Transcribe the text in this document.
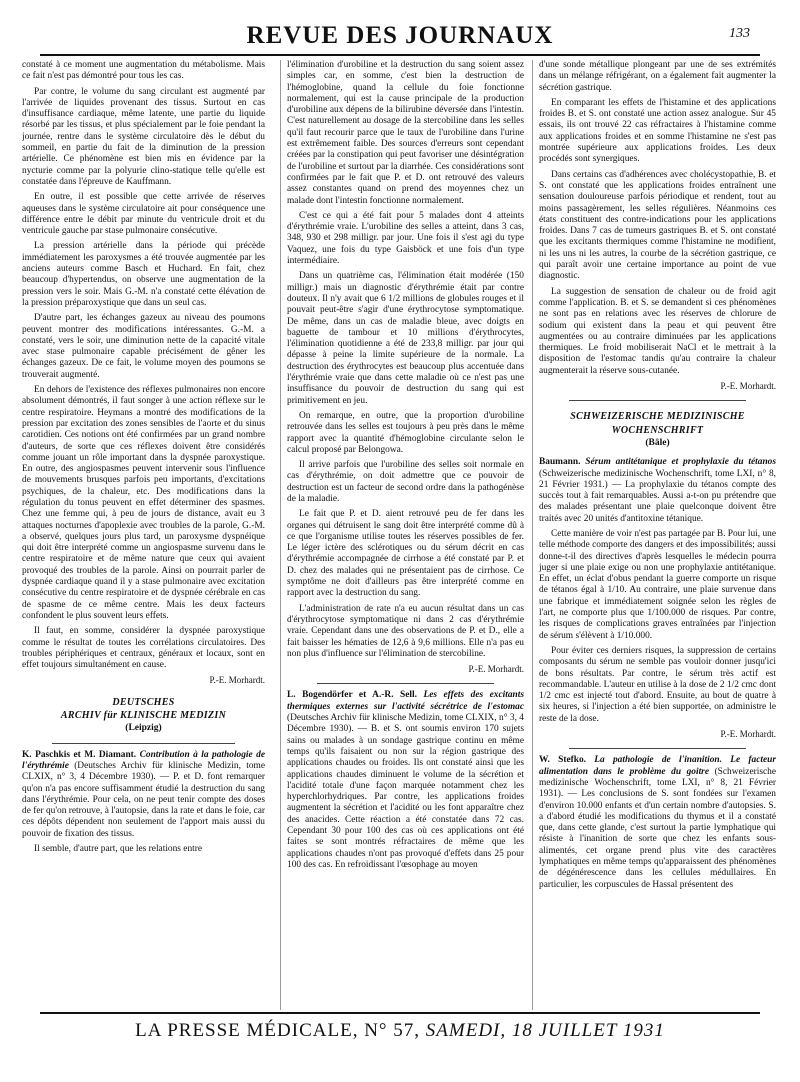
REVUE DES JOURNAUX	133

constaté à ce moment une augmentation du métabolisme. Mais ce fait n'est pas démontré pour tous les cas.

Par contre, le volume du sang circulant est augmenté par l'arrivée de liquides provenant des tissus. Surtout en cas d'insuffisance cardiaque, même latente, une partie du liquide résorbé par les tissus, et plus spécialement par le foie pendant la journée, rentre dans le système circulatoire dès le début du sommeil, en partie du fait de la diminution de la pression artérielle. Ce phénomène est bien mis en évidence par la nycturie comme par la polyurie clino-statique telle qu'elle est constatée dans l'épreuve de Kauffmann.

En outre, il est possible que cette arrivée de réserves aqueuses dans le système circulatoire ait pour conséquence une différence entre le débit par minute du ventricule droit et du ventricule gauche par stase pulmonaire consécutive.

La pression artérielle dans la période qui précède immédiatement les paroxysmes a été trouvée augmentée par les anciens auteurs comme Basch et Huchard. En fait, chez beaucoup d'hypertendus, on observe une augmentation de la pression vers le soir. Mais G.-M. n'a constaté cette élévation de la pression préparoxystique que dans un seul cas.

D'autre part, les échanges gazeux au niveau des poumons peuvent montrer des modifications intéressantes. G.-M. a constaté, vers le soir, une diminution nette de la capacité vitale avec stase pulmonaire capable précisément de gêner les échanges gazeux. De ce fait, le volume moyen des poumons se trouverait augmenté.

En dehors de l'existence des réflexes pulmonaires non encore absolument démontrés, il faut songer à une action réflexe sur le centre respiratoire. Heymans a montré des modifications de la pression par excitation des zones sensibles de l'aorte et du sinus carotidien. Ces notions ont été confirmées par un grand nombre d'auteurs, de sorte que ces réflexes doivent être considérés comme jouant un rôle important dans la dyspnée paroxystique. En outre, des angiospasmes peuvent intervenir sous l'influence de mouvements brusques parfois peu importants, d'excitations psychiques, de la chaleur, etc. Des modifications dans la régulation du tonus peuvent en effet déterminer des spasmes. Chez une femme qui, à peu de jours de distance, avait eu 3 attaques nocturnes d'apoplexie avec troubles de la parole, G.-M. a observé, quelques jours plus tard, un paroxysme dyspnéique qui doit être interprété comme un angiospasme survenu dans le centre respiratoire et de même nature que ceux qui avaient provoqué des troubles de la parole. Ainsi on pourrait parler de dyspnée cardiaque quand il y a stase pulmonaire avec excitation consécutive du centre respiratoire et de dyspnée cérébrale en cas de spasme de ce même centre. Mais les deux facteurs confondent le plus souvent leurs effets.

Il faut, en somme, considérer la dyspnée paroxystique comme le résultat de toutes les corrélations circulatoires. Des troubles périphériques et centraux, généraux et locaux, sont en effet toujours simultanément en cause.

P.-E. Morhardt.
DEUTSCHES
ARCHIV für KLINISCHE MEDIZIN
(Leipzig)

K. Paschkis et M. Diamant. Contribution à la pathologie de l'érythrémie (Deutsches Archiv für klinische Medizin, tome CLXIX, n° 3, 4 Décembre 1930). — P. et D. font remarquer qu'on n'a pas encore suffisamment étudié la destruction du sang dans l'érythrémie. Pour cela, on ne peut tenir compte des doses de fer qu'on retrouve, à l'autopsie, dans la rate et dans le foie, car ces dépôts dépendent non seulement de l'apport mais aussi du pouvoir de fixation des tissus.

Il semble, d'autre part, que les relations entre

l'élimination d'urobiline et la destruction du sang soient assez simples car, en somme, c'est bien la destruction de l'hémoglobine, quand la cellule du foie fonctionne normalement, qui est la cause principale de la production d'urobiline aux dépens de la bilirubine déversée dans l'intestin. C'est naturellement au dosage de la stercobiline dans les selles qu'il faut recourir parce que le taux de l'urobiline dans l'urine est extrêmement faible. Des sources d'erreurs sont cependant créées par la constipation qui peut favoriser une désintégration de l'urobiline et surtout par la diarrhée. Ces considérations sont confirmées par le fait que P. et D. ont retrouvé des valeurs assez constantes quand on prend des moyennes chez un malade dont l'intestin fonctionne normalement.

C'est ce qui a été fait pour 5 malades dont 4 atteints d'érythrémie vraie. L'urobiline des selles a atteint, dans 3 cas, 348, 930 et 298 milligr. par jour. Une fois il s'est agi du type Vaquez, une fois du type Gaisböck et une fois d'un type intermédiaire.

Dans un quatrième cas, l'élimination était modérée (150 milligr.) mais un diagnostic d'érythrémie était par contre douteux. Il n'y avait que 6 1/2 millions de globules rouges et il pouvait peut-être s'agir d'une érythrocytose symptomatique. De même, dans un cas de maladie bleue, avec doigts en baguette de tambour et 10 millions d'érythrocytes, l'élimination quotidienne a été de 233,8 milligr. par jour qui dépasse à peine la limite supérieure de la normale. La destruction des érythrocytes est beaucoup plus accentuée dans l'érythrémie vraie que dans cette maladie où ce n'est pas une insuffisance du pouvoir de destruction du sang qui est primitivement en jeu.

On remarque, en outre, que la proportion d'urobiline retrouvée dans les selles est toujours à peu près dans le même rapport avec la quantité d'hémoglobine circulante selon le calcul proposé par Belongowa.

Il arrive parfois que l'urobiline des selles soit normale en cas d'érythrémie, on doit admettre que ce pouvoir de destruction est un facteur de second ordre dans la pathogénèse de la maladie.

Le fait que P. et D. aient retrouvé peu de fer dans les organes qui détruisent le sang doit être interprété comme dû à ce que l'organisme utilise toutes les réserves possibles de fer. Le léger ictère des sclérotiques ou du sérum décrit en cas d'érythrémie accompagnée de cirrhose a été constaté par P. et D. chez des malades qui ne présentaient pas de cirrhose. Ce symptôme ne doit d'ailleurs pas être interprété comme en rapport avec la destruction du sang.

L'administration de rate n'a eu aucun résultat dans un cas d'érythrocytose symptomatique ni dans 2 cas d'érythrémie vraie. Cependant dans une des observations de P. et D., elle a fait baisser les hématies de 12,6 à 9,6 millions. Elle n'a pas eu non plus d'influence sur l'élimination de stercobiline.

P.-E. Morhardt.

L. Bogendörfer et A.-R. Sell. Les effets des excitants thermiques externes sur l'activité sécrétrice de l'estomac (Deutsches Archiv für klinische Medizin, tome CLXIX, n° 3, 4 Décembre 1930). — B. et S. ont soumis environ 170 sujets sains ou malades à un sondage gastrique continu en même temps qu'ils faisaient ou non sur la région gastrique des applications chaudes ou froides. Ils ont constaté ainsi que les applications chaudes diminuent le volume de la sécrétion et l'acidité totale d'une façon marquée notamment chez les hyperchlorhydriques. Par contre, les applications froides augmentent la sécrétion et l'acidité ou les font apparaître chez des anacides. Cette réaction a été constatée dans 72 cas. Cependant 30 pour 100 des cas où ces applications ont été faites se sont montrés réfractaires de même que les applications chaudes n'ont pas provoqué d'effets dans 25 pour 100 des cas. En refroidissant l'œsophage au moyen

d'une sonde métallique plongeant par une de ses extrémités dans un mélange réfrigérant, on a également fait augmenter la sécrétion gastrique.

En comparant les effets de l'histamine et des applications froides B. et S. ont constaté une action assez analogue. Sur 45 essais, ils ont trouvé 22 cas réfractaires à l'histamine comme aux applications froides et en somme l'histamine ne s'est pas montrée supérieure aux applications froides. Les deux procédés sont synergiques.

Dans certains cas d'adhérences avec cholécystopathie, B. et S. ont constaté que les applications froides entraînent une sensation douloureuse parfois périodique et rendent, tout au moins passagèrement, les selles régulières. Néanmoins ces états constituent des contre-indications pour les applications froides. Dans 7 cas de tumeurs gastriques B. et S. ont constaté que les excitants thermiques comme l'histamine ne modifient, ni les uns ni les autres, la courbe de la sécrétion gastrique, ce qui paraît avoir une certaine importance au point de vue diagnostic.

La suggestion de sensation de chaleur ou de froid agit comme l'application. B. et S. se demandent si ces phénomènes ne sont pas en relations avec les réserves de chlorure de sodium qui existent dans la peau et qui peuvent être augmentées ou au contraire diminuées par les applications thermiques. Le froid mobiliserait NaCl et le mettrait à la disposition de l'estomac tandis qu'au contraire la chaleur augmenterait la réserve sous-cutanée.

P.-E. Morhardt.
SCHWEIZERISCHE MEDIZINISCHE
WOCHENSCHRIFT
(Bâle)

Baumann. Sérum antitétanique et prophylaxie du tétanos (Schweizerische medizinische Wochenschrift, tome LXI, n° 8, 21 Février 1931.) — La prophylaxie du tétanos compte des succès tout à fait remarquables. Aussi a-t-on pu prétendre que des malades présentant une plaie quelconque doivent être traités avec 20 unités d'antitoxine tétanique.

Cette manière de voir n'est pas partagée par B. Pour lui, une telle méthode comporte des dangers et des impossibilités; aussi donne-t-il des directives d'après lesquelles le médecin pourra juger si une plaie exige ou non une prophylaxie antitétanique. En effet, un éclat d'obus pendant la guerre comporte un risque de tétanos égal à 1/10. Au contraire, une plaie survenue dans une fabrique et immédiatement soignée selon les règles de l'art, ne comporte plus que 1/100.000 de risques. Par contre, les risques de complications graves entraînées par l'injection de sérum s'élèvent à 1/10.000.

Pour éviter ces derniers risques, la suppression de certains composants du sérum ne semble pas vouloir donner jusqu'ici de bons résultats. Par contre, le sérum très actif est recommandable. L'auteur en utilise à la dose de 2 1/2 cmc dont 1/2 cmc est injecté tout d'abord. Ensuite, au bout de quatre à six heures, si l'injection a été bien supportée, on administre le reste de la dose.

P.-E. Morhardt.

W. Stefko. La pathologie de l'inanition. Le facteur alimentation dans le problème du goitre (Schweizerische medizinische Wochenschrift, tome LXI, n° 8, 21 Février 1931). — Les conclusions de S. sont fondées sur l'examen d'environ 10.000 enfants et d'un certain nombre d'autopsies. S. a d'abord étudié les modifications du thymus et il a constaté que, dans cette glande, c'est surtout la partie lymphatique qui résiste à l'inanition de sorte que chez les enfants sous-alimentés, cet organe prend plus vite des caractères lymphatiques en même temps qu'apparaissent des phénomènes de dégénérescence dans les cellules médullaires. En particulier, les corpuscules de Hassal présentent des

LA PRESSE MÉDICALE, N° 57, SAMEDI, 18 JUILLET 1931
